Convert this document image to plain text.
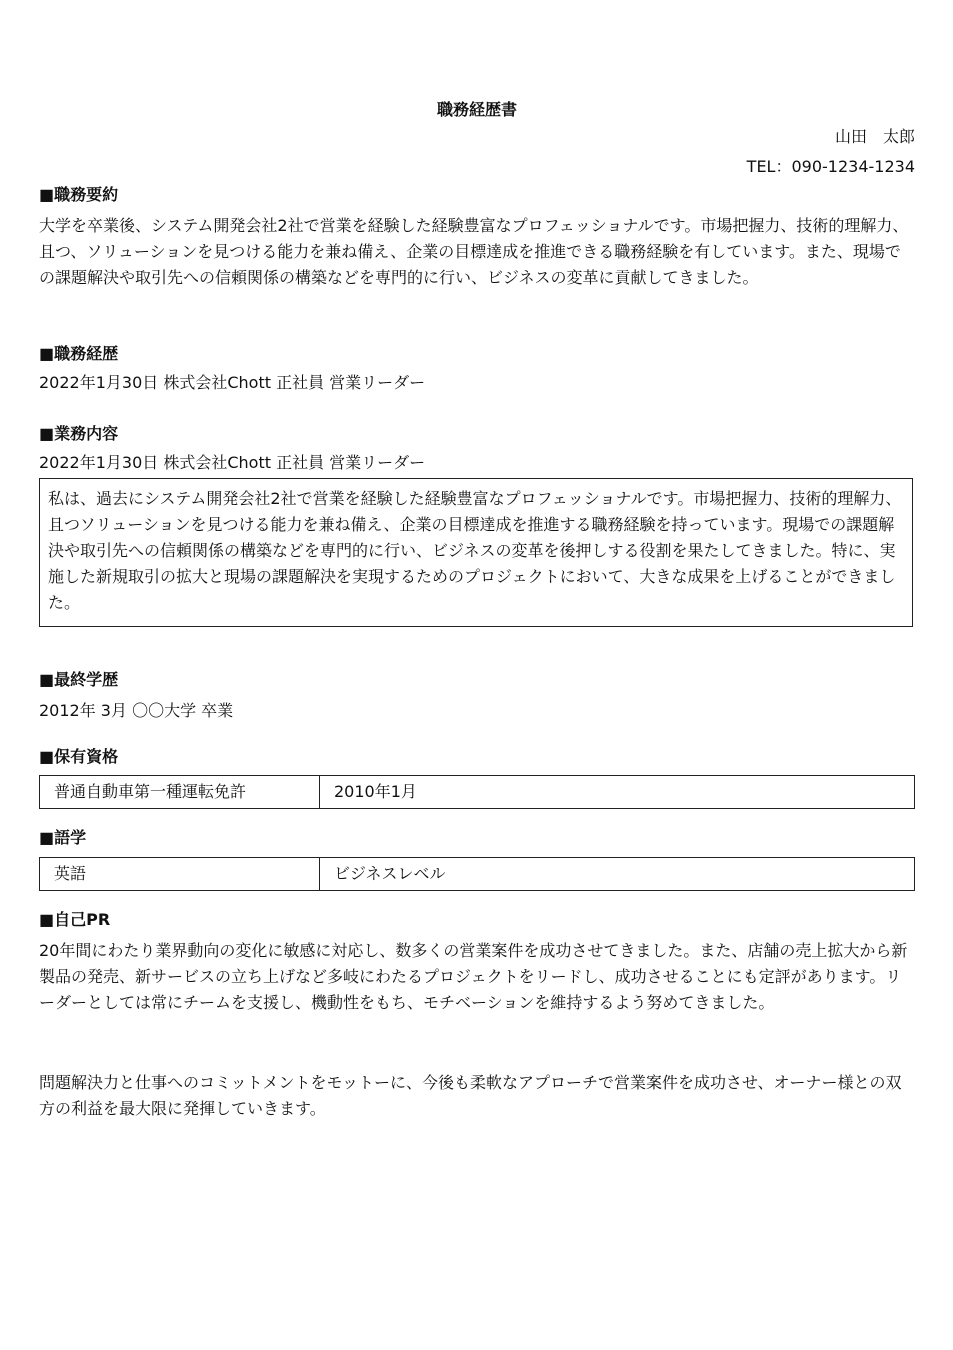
職務経歴書
山田　太郎
TEL：090-1234-1234
■職務要約

大学を卒業後、システム開発会社2社で営業を経験した経験豊富なプロフェッショナルです。市場把握力、技術的理解力、且つ、ソリューションを見つける能力を兼ね備え、企業の目標達成を推進できる職務経験を有しています。また、現場での課題解決や取引先への信頼関係の構築などを専門的に行い、ビジネスの変革に貢献してきました。

■職務経歴
2022年1月30日 株式会社Chott 正社員 営業リーダー
■業務内容
2022年1月30日 株式会社Chott 正社員 営業リーダー
私は、過去にシステム開発会社2社で営業を経験した経験豊富なプロフェッショナルです。市場把握力、技術的理解力、且つソリューションを見つける能力を兼ね備え、企業の目標達成を推進する職務経験を持っています。現場での課題解決や取引先への信頼関係の構築などを専門的に行い、ビジネスの変革を後押しする役割を果たしてきました。特に、実施した新規取引の拡大と現場の課題解決を実現するためのプロジェクトにおいて、大きな成果を上げることができました。
■最終学歴
2012年 3月 〇〇大学 卒業
■保有資格
普通自動車第一種運転免許	2010年1月
■語学
英語	ビジネスレベル
■自己PR

20年間にわたり業界動向の変化に敏感に対応し、数多くの営業案件を成功させてきました。また、店舗の売上拡大から新製品の発売、新サービスの立ち上げなど多岐にわたるプロジェクトをリードし、成功させることにも定評があります。リーダーとしては常にチームを支援し、機動性をもち、モチベーションを維持するよう努めてきました。

問題解決力と仕事へのコミットメントをモットーに、今後も柔軟なアプローチで営業案件を成功させ、オーナー様との双方の利益を最大限に発揮していきます。
